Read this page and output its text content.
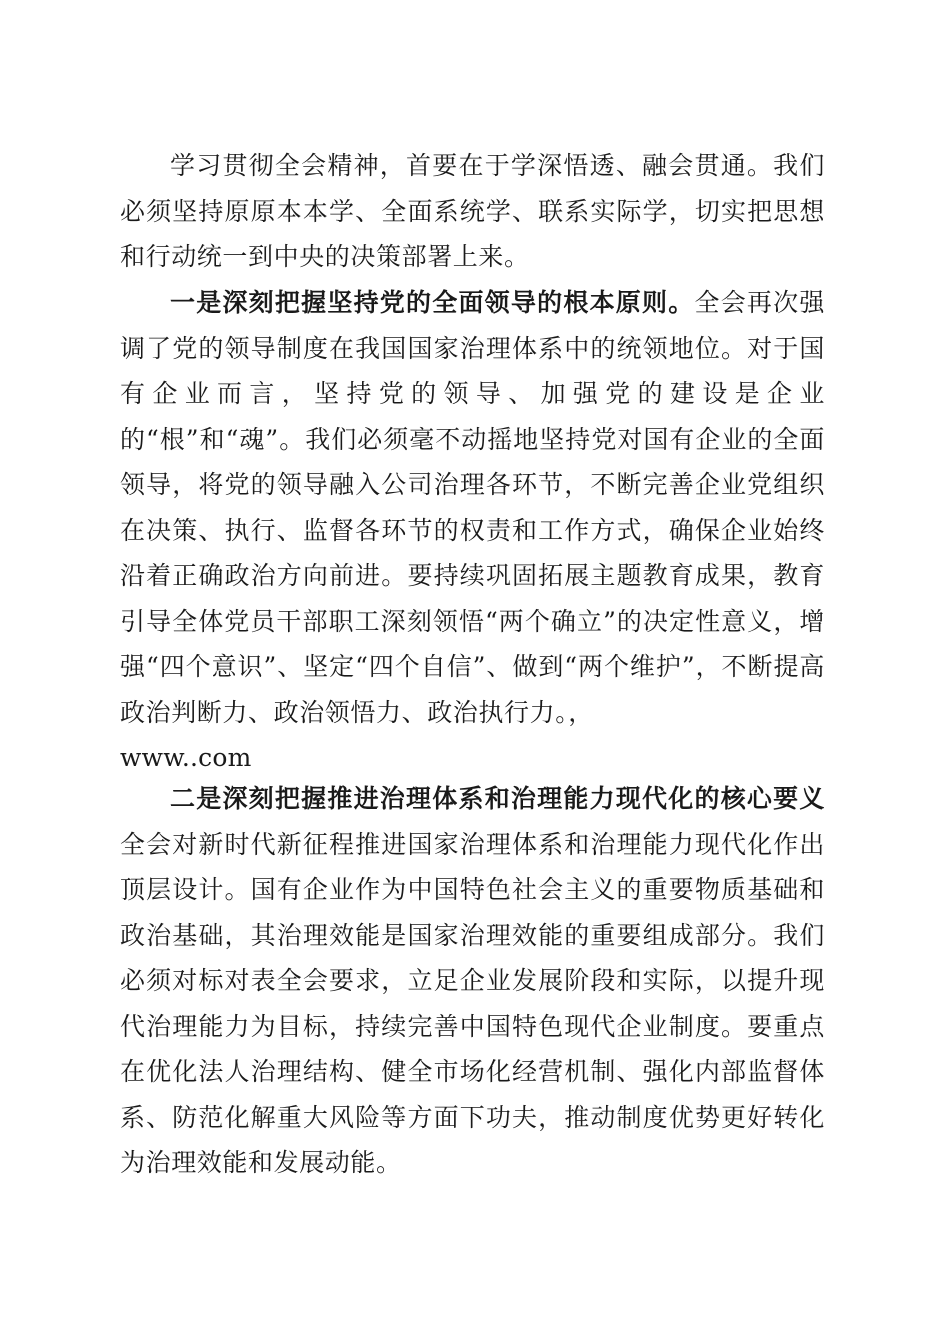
学习贯彻全会精神，首要在于学深悟透、融会贯通。我们必须坚持原原本本学、全面系统学、联系实际学，切实把思想和行动统一到中央的决策部署上来。

一是深刻把握坚持党的全面领导的根本原则。全会再次强调了党的领导制度在我国国家治理体系中的统领地位。对于国有企业而言，坚持党的领导、加强党的建设是企业的“根”和“魂”。我们必须毫不动摇地坚持党对国有企业的全面领导，将党的领导融入公司治理各环节，不断完善企业党组织在决策、执行、监督各环节的权责和工作方式，确保企业始终沿着正确政治方向前进。要持续巩固拓展主题教育成果，教育引导全体党员干部职工深刻领悟“两个确立”的决定性意义，增强“四个意识”、坚定“四个自信”、做到“两个维护”，不断提高政治判断力、政治领悟力、政治执行力。，
www..com

二是深刻把握推进治理体系和治理能力现代化的核心要义全会对新时代新征程推进国家治理体系和治理能力现代化作出顶层设计。国有企业作为中国特色社会主义的重要物质基础和政治基础，其治理效能是国家治理效能的重要组成部分。我们必须对标对表全会要求，立足企业发展阶段和实际，以提升现代治理能力为目标，持续完善中国特色现代企业制度。要重点在优化法人治理结构、健全市场化经营机制、强化内部监督体系、防范化解重大风险等方面下功夫，推动制度优势更好转化为治理效能和发展动能。
